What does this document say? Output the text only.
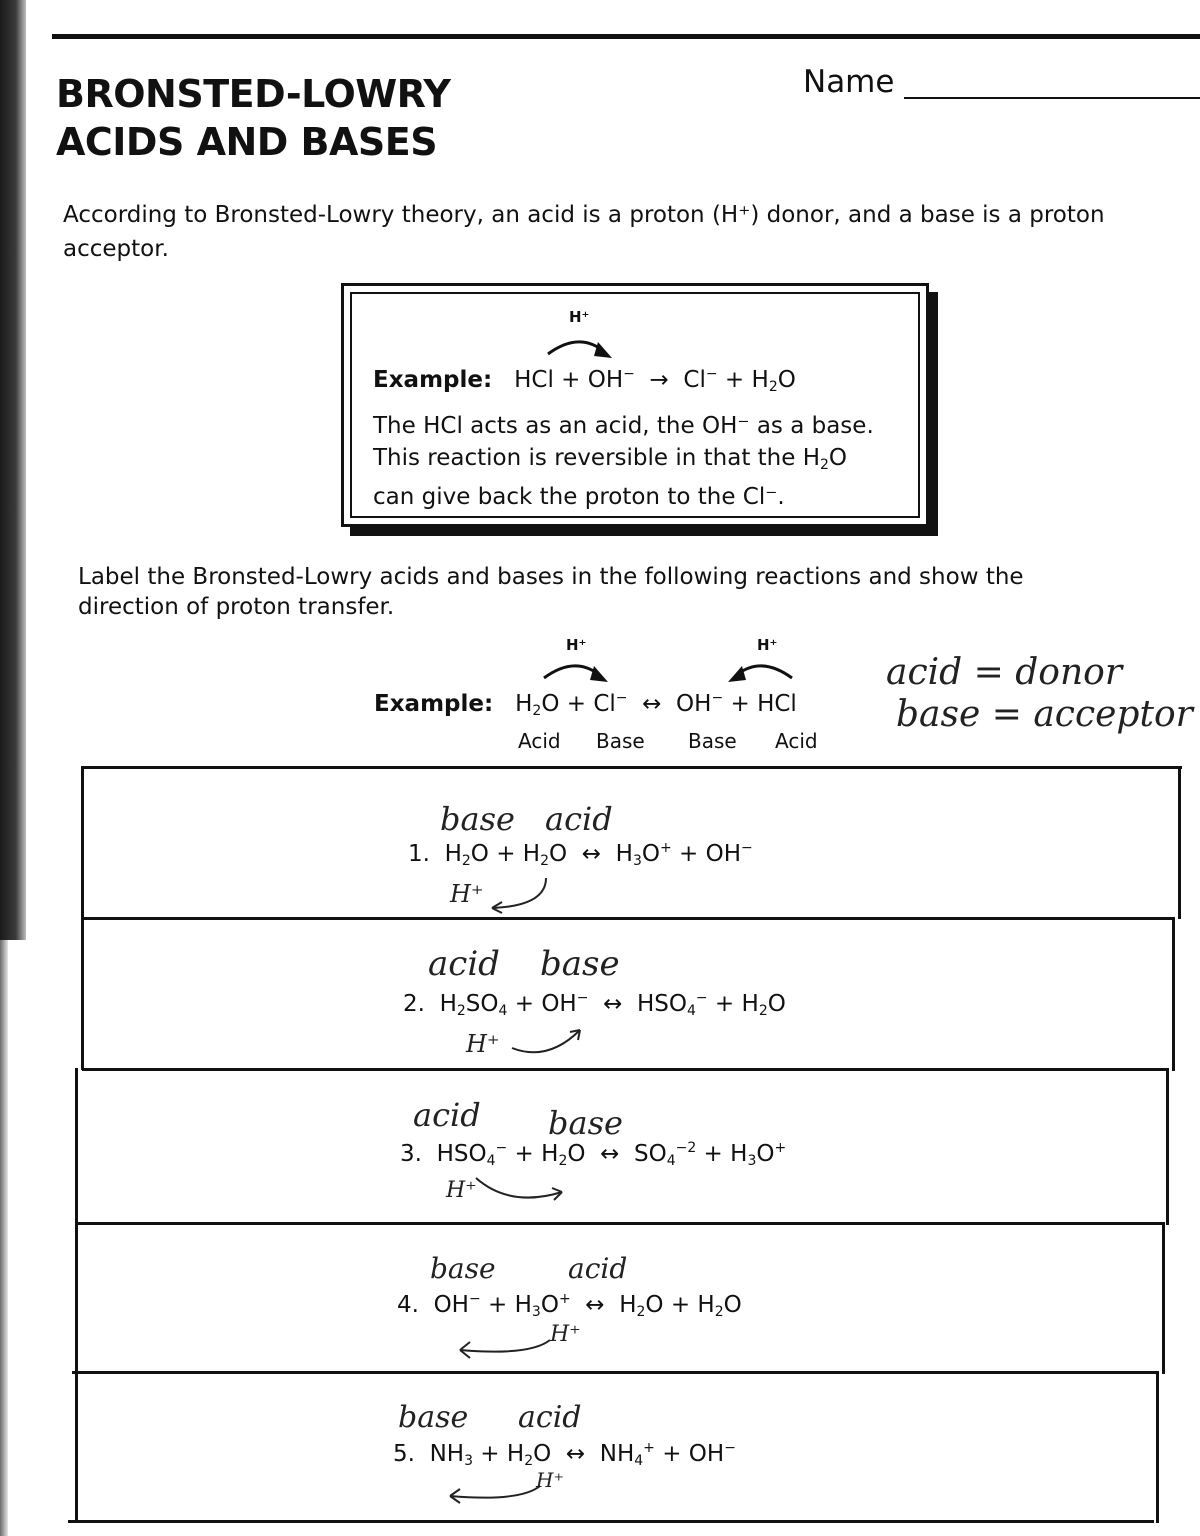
BRONSTED-LOWRY
ACIDS AND BASES
Name
According to Bronsted-Lowry theory, an acid is a proton (H⁺) donor, and a base is a proton
acceptor.
H⁺
Example:   HCl + $OH^- \to Cl^- + H_2O$
The HCl acts as an acid, the OH⁻ as a base.
This reaction is reversible in that the $H_2O$
can give back the proton to the Cl⁻.
Label the Bronsted-Lowry acids and bases in the following reactions and show the
direction of proton transfer.
H⁺	H⁺
Example:   $H_2O + Cl^-$  ↔  OH− + HCl
Acid Base Base Acid
acid = donor
base = acceptor
base acid
1.  $H_2O + H_2O$  ↔  $H_3O^+ + OH^-$
H⁺
acid base
2.  $H_2SO_4 + OH^-$  ↔  $HSO_4^- + H_2O$
H⁺
acid base
3.  $HSO_4^- + H_2O$  ↔  $SO_4^{-2} + H_3O^+$
H⁺
base	acid
4.  $OH^- + H_3O^+$  ↔  $H_2O + H_2O$
H⁺
base acid
5.  $NH_3 + H_2O$  ↔  $NH_4^+ + OH^-$
H⁺
